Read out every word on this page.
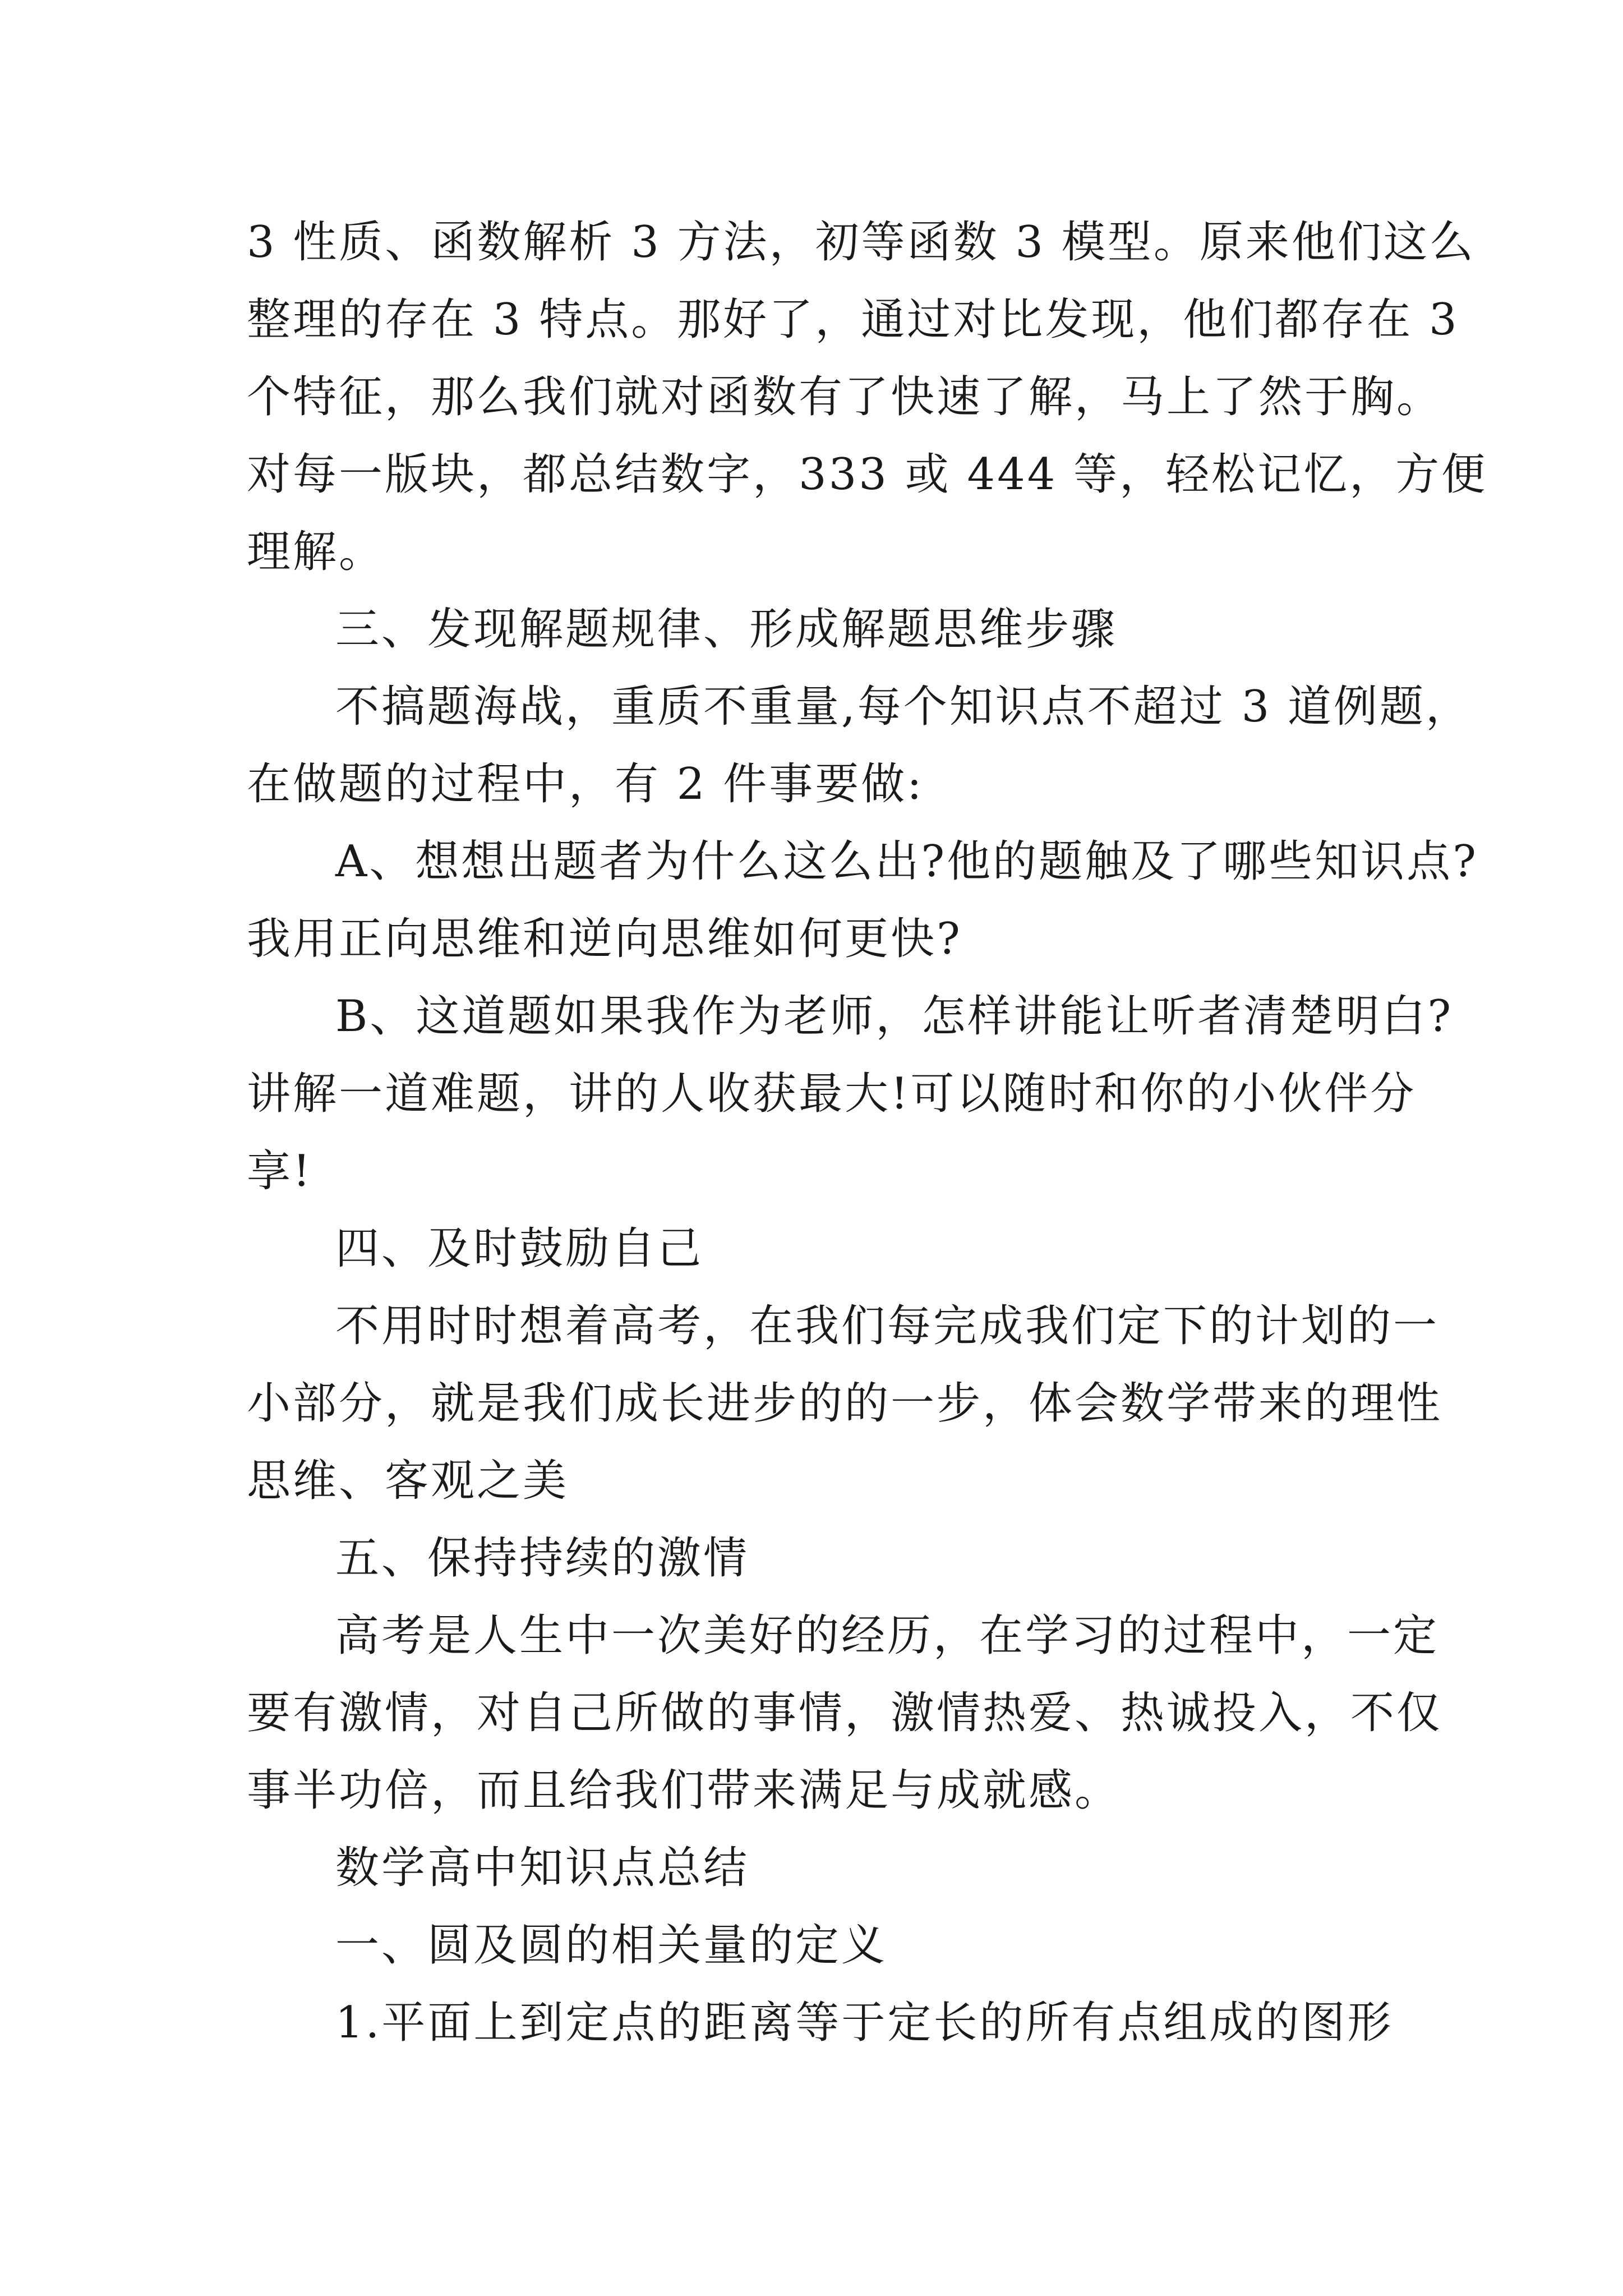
3 性质、函数解析 3 方法，初等函数 3 模型。原来他们这么
整理的存在 3 特点。那好了，通过对比发现，他们都存在 3
个特征，那么我们就对函数有了快速了解，马上了然于胸。
对每一版块，都总结数字，333 或 444 等，轻松记忆，方便
理解。
三、发现解题规律、形成解题思维步骤
不搞题海战，重质不重量,每个知识点不超过 3 道例题，
在做题的过程中，有 2 件事要做:
A、想想出题者为什么这么出?他的题触及了哪些知识点?
我用正向思维和逆向思维如何更快?
B、这道题如果我作为老师，怎样讲能让听者清楚明白?
讲解一道难题，讲的人收获最大!可以随时和你的小伙伴分
享!
四、及时鼓励自己
不用时时想着高考，在我们每完成我们定下的计划的一
小部分，就是我们成长进步的的一步，体会数学带来的理性
思维、客观之美
五、保持持续的激情
高考是人生中一次美好的经历，在学习的过程中，一定
要有激情，对自己所做的事情，激情热爱、热诚投入，不仅
事半功倍，而且给我们带来满足与成就感。
数学高中知识点总结
一、圆及圆的相关量的定义
1.平面上到定点的距离等于定长的所有点组成的图形
